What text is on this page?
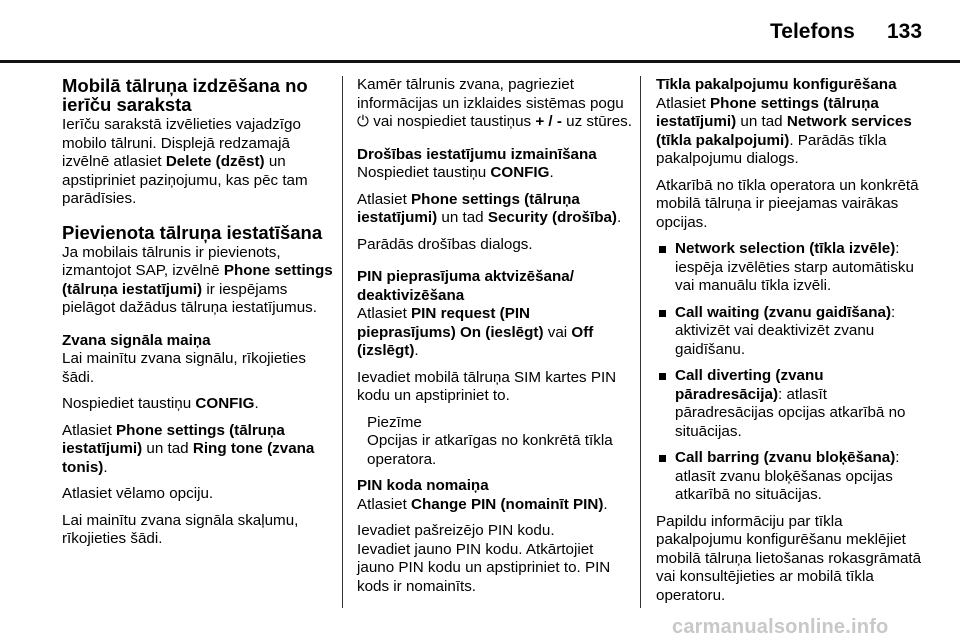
Telefons 133
Mobilā tālruņa izdzēšana no ierīču saraksta

Ierīču sarakstā izvēlieties vajadzīgo mobilo tālruni. Displejā redzamajā izvēlnē atlasiet Delete (dzēst) un apstipriniet paziņojumu, kas pēc tam parādīsies.

Pievienota tālruņa iestatīšana

Ja mobilais tālrunis ir pievienots, izmantojot SAP, izvēlnē Phone settings (tālruņa iestatījumi) ir iespējams pielāgot dažādus tālruņa iestatījumus.

Zvana signāla maiņa

Lai mainītu zvana signālu, rīkojieties šādi.

Nospiediet taustiņu CONFIG.

Atlasiet Phone settings (tālruņa iestatījumi) un tad Ring tone (zvana tonis).

Atlasiet vēlamo opciju.

Lai mainītu zvana signāla skaļumu, rīkojieties šādi.

Kamēr tālrunis zvana, pagrieziet informācijas un izklaides sistēmas pogu ⏻ vai nospiediet taustiņus + / - uz stūres.

Drošības iestatījumu izmainīšana

Nospiediet taustiņu CONFIG.

Atlasiet Phone settings (tālruņa iestatījumi) un tad Security (drošība).

Parādās drošības dialogs.

PIN pieprasījuma aktvizēšana/ deaktivizēšana

Atlasiet PIN request (PIN pieprasījums) On (ieslēgt) vai Off (izslēgt).

Ievadiet mobilā tālruņa SIM kartes PIN kodu un apstipriniet to.

Piezīme

Opcijas ir atkarīgas no konkrētā tīkla operatora.

PIN koda nomaiņa

Atlasiet Change PIN (nomainīt PIN).

Ievadiet pašreizējo PIN kodu.

Ievadiet jauno PIN kodu. Atkārtojiet jauno PIN kodu un apstipriniet to. PIN kods ir nomainīts.

Tīkla pakalpojumu konfigurēšana

Atlasiet Phone settings (tālruņa iestatījumi) un tad Network services (tīkla pakalpojumi). Parādās tīkla pakalpojumu dialogs.

Atkarībā no tīkla operatora un konkrētā mobilā tālruņa ir pieejamas vairākas opcijas.

Network selection (tīkla izvēle): iespēja izvēlēties starp automātisku vai manuālu tīkla izvēli.
Call waiting (zvanu gaidīšana): aktivizēt vai deaktivizēt zvanu gaidīšanu.
Call diverting (zvanu pāradresācija): atlasīt pāradresācijas opcijas atkarībā no situācijas.
Call barring (zvanu bloķēšana): atlasīt zvanu bloķēšanas opcijas atkarībā no situācijas.

Papildu informāciju par tīkla pakalpojumu konfigurēšanu meklējiet mobilā tālruņa lietošanas rokasgrāmatā vai konsultējieties ar mobilā tīkla operatoru.

carmanualsonline.info
